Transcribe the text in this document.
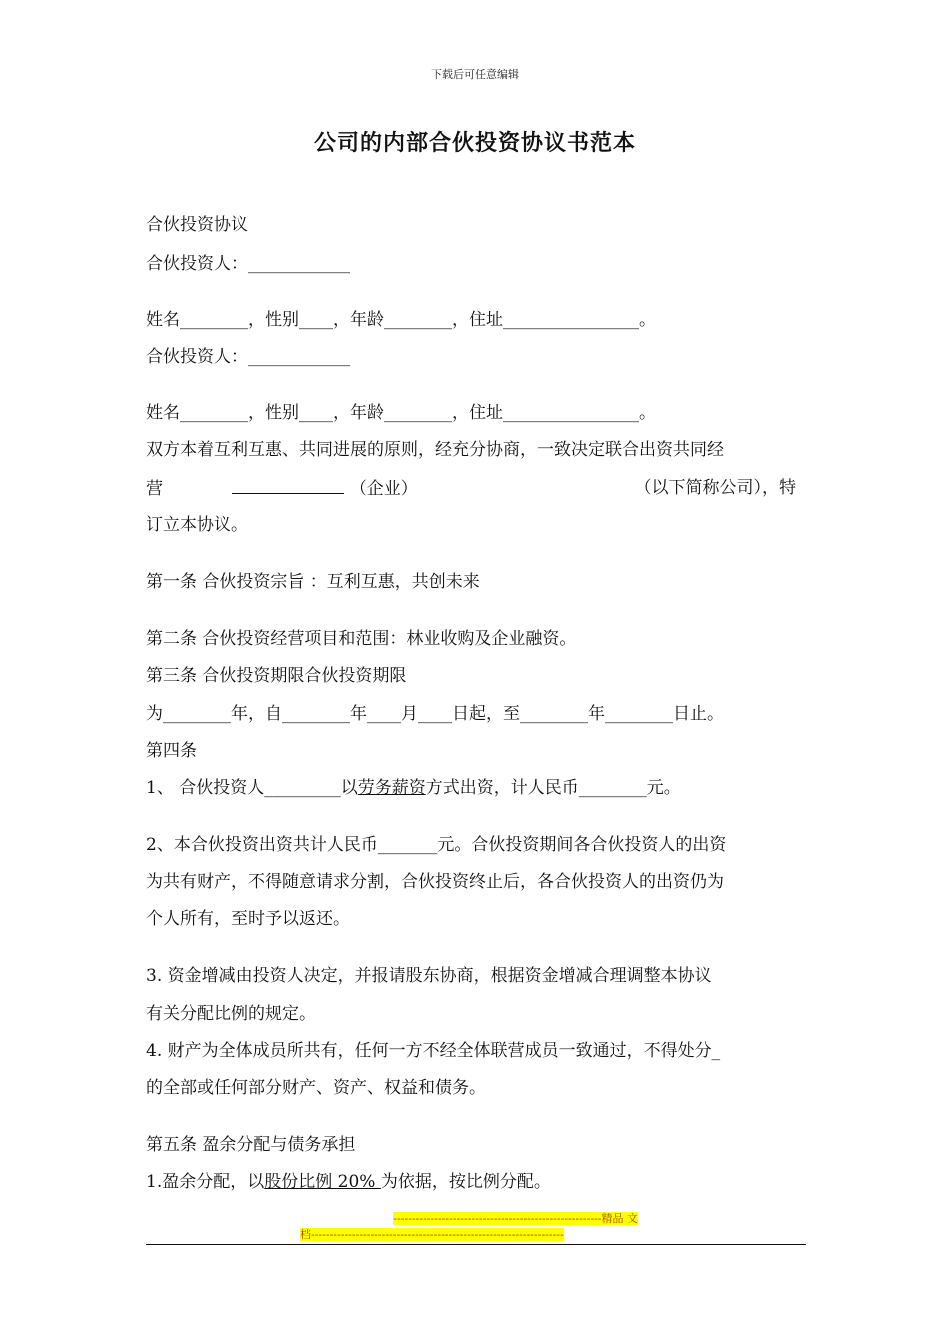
下载后可任意编辑
公司的内部合伙投资协议书范本
合伙投资协议
合伙投资人：____________
姓名________，性别____，年龄________，住址________________。
合伙投资人：____________
姓名________，性别____，年龄________，住址________________。
双方本着互利互惠、共同进展的原则，经充分协商，一致决定联合出资共同经
营	（企业）	（以下简称公司），特
订立本协议。
第一条 合伙投资宗旨 ：互利互惠，共创未来
第二条 合伙投资经营项目和范围：林业收购及企业融资。
第三条 合伙投资期限合伙投资期限
为________年，自________年____月____日起，至________年________日止。
第四条
1、 合伙投资人_________以劳务薪资方式出资，计人民币________元。
2、本合伙投资出资共计人民币_______元。合伙投资期间各合伙投资人的出资
为共有财产，不得随意请求分割，合伙投资终止后，各合伙投资人的出资仍为
个人所有，至时予以返还。
3. 资金增减由投资人决定，并报请股东协商，根据资金增减合理调整本协议
有关分配比例的规定。
4. 财产为全体成员所共有，任何一方不经全体联营成员一致通过，不得处分_
的全部或任何部分财产、资产、权益和债务。
第五条 盈余分配与债务承担
1.盈余分配，以股份比例 20% 为依据，按比例分配。
--------------------------------------------------------精品 文
档--------------------------------------------------------------------
